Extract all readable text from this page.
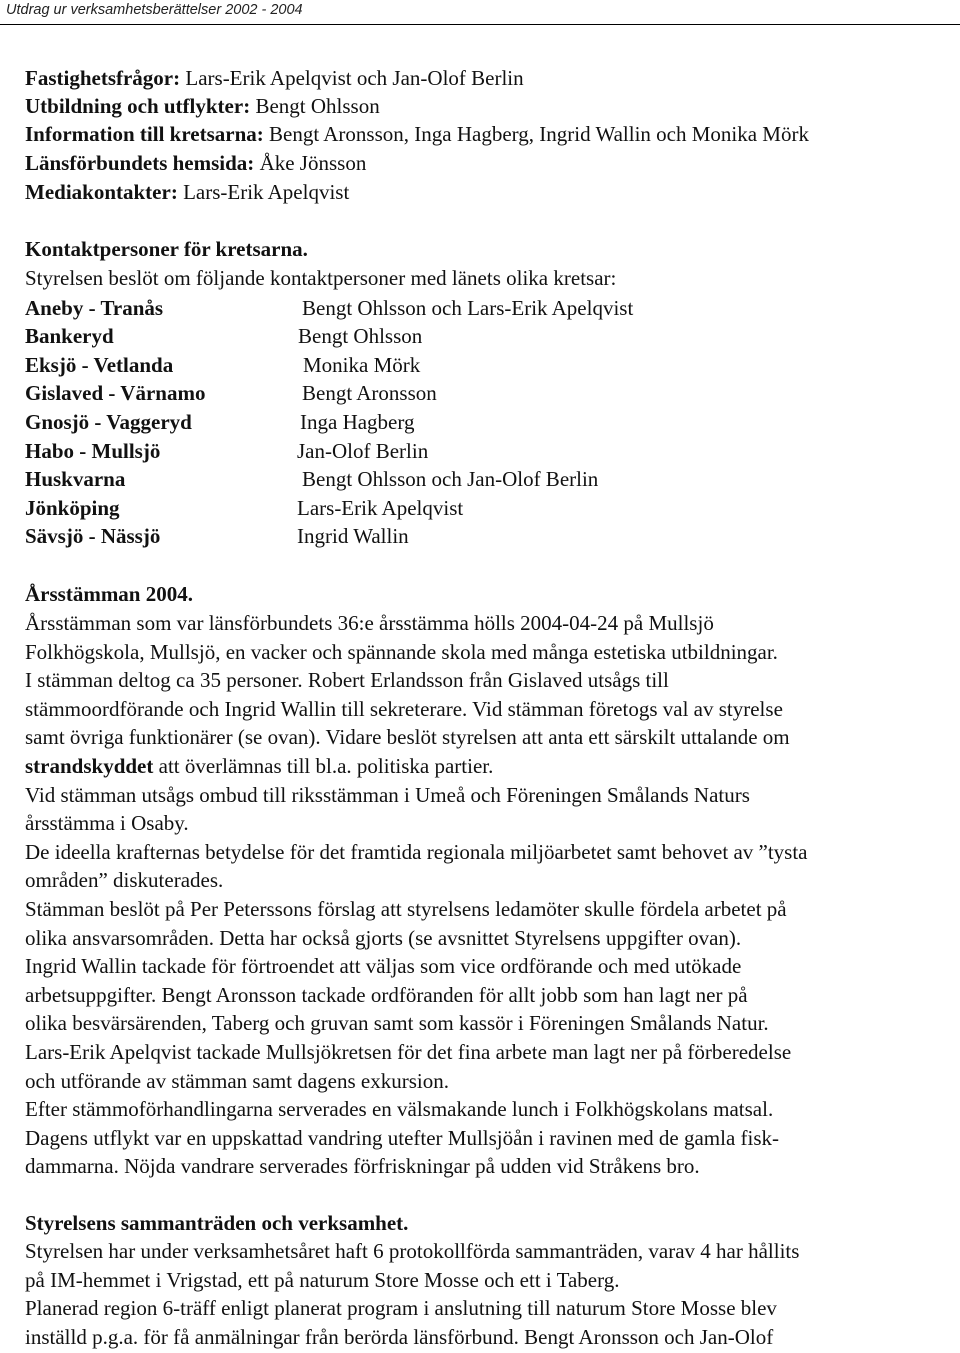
Utdrag ur verksamhetsberättelser 2002 - 2004
Fastighetsfrågor: Lars-Erik Apelqvist och Jan-Olof Berlin
Utbildning och utflykter: Bengt Ohlsson
Information till kretsarna: Bengt Aronsson, Inga Hagberg, Ingrid Wallin och Monika Mörk
Länsförbundets hemsida: Åke Jönsson
Mediakontakter: Lars-Erik Apelqvist
Kontaktpersoner för kretsarna.
Styrelsen beslöt om följande kontaktpersoner med länets olika kretsar:
Aneby - Tranås	Bengt Ohlsson och Lars-Erik Apelqvist
Bankeryd	Bengt Ohlsson
Eksjö - Vetlanda	Monika Mörk
Gislaved - Värnamo	Bengt Aronsson
Gnosjö - Vaggeryd	Inga Hagberg
Habo - Mullsjö	Jan-Olof Berlin
Huskvarna	Bengt Ohlsson och Jan-Olof Berlin
Jönköping	Lars-Erik Apelqvist
Sävsjö - Nässjö	Ingrid Wallin
Årsstämman 2004.
Årsstämman som var länsförbundets 36:e årsstämma hölls 2004-04-24 på Mullsjö
Folkhögskola, Mullsjö, en vacker och spännande skola med många estetiska utbildningar.
I stämman deltog ca 35 personer. Robert Erlandsson från Gislaved utsågs till
stämmoordförande och Ingrid Wallin till sekreterare. Vid stämman företogs val av styrelse
samt övriga funktionärer (se ovan). Vidare beslöt styrelsen att anta ett särskilt uttalande om
strandskyddet att överlämnas till bl.a. politiska partier.
Vid stämman utsågs ombud till riksstämman i Umeå och Föreningen Smålands Naturs
årsstämma i Osaby.
De ideella krafternas betydelse för det framtida regionala miljöarbetet samt behovet av ”tysta
områden” diskuterades.
Stämman beslöt på Per Peterssons förslag att styrelsens ledamöter skulle fördela arbetet på
olika ansvarsområden. Detta har också gjorts (se avsnittet Styrelsens uppgifter ovan).
Ingrid Wallin tackade för förtroendet att väljas som vice ordförande och med utökade
arbetsuppgifter. Bengt Aronsson tackade ordföranden för allt jobb som han lagt ner på
olika besvärsärenden, Taberg och gruvan samt som kassör i Föreningen Smålands Natur.
Lars-Erik Apelqvist tackade Mullsjökretsen för det fina arbete man lagt ner på förberedelse
och utförande av stämman samt dagens exkursion.
Efter stämmoförhandlingarna serverades en välsmakande lunch i Folkhögskolans matsal.
Dagens utflykt var en uppskattad vandring utefter Mullsjöån i ravinen med de gamla fisk-
dammarna. Nöjda vandrare serverades förfriskningar på udden vid Stråkens bro.
Styrelsens sammanträden och verksamhet.
Styrelsen har under verksamhetsåret haft 6 protokollförda sammanträden, varav 4 har hållits
på IM-hemmet i Vrigstad, ett på naturum Store Mosse och ett i Taberg.
Planerad region 6-träff enligt planerat program i anslutning till naturum Store Mosse blev
inställd p.g.a. för få anmälningar från berörda länsförbund. Bengt Aronsson och Jan-Olof
